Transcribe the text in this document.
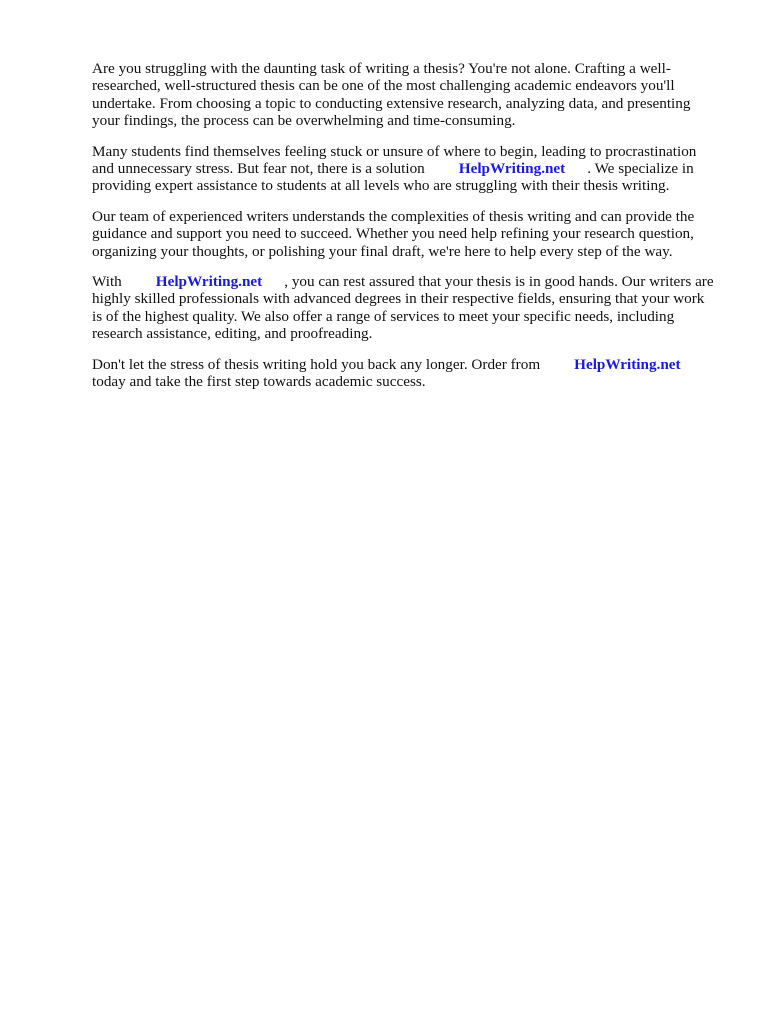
Are you struggling with the daunting task of writing a thesis? You're not alone. Crafting a well-
researched, well-structured thesis can be one of the most challenging academic endeavors you'll
undertake. From choosing a topic to conducting extensive research, analyzing data, and presenting
your findings, the process can be overwhelming and time-consuming.

Many students find themselves feeling stuck or unsure of where to begin, leading to procrastination
and unnecessary stress. But fear not, there is a solution HelpWriting.net . We specialize in
providing expert assistance to students at all levels who are struggling with their thesis writing.

Our team of experienced writers understands the complexities of thesis writing and can provide the
guidance and support you need to succeed. Whether you need help refining your research question,
organizing your thoughts, or polishing your final draft, we're here to help every step of the way.

With HelpWriting.net , you can rest assured that your thesis is in good hands. Our writers are
highly skilled professionals with advanced degrees in their respective fields, ensuring that your work
is of the highest quality. We also offer a range of services to meet your specific needs, including
research assistance, editing, and proofreading.

Don't let the stress of thesis writing hold you back any longer. Order from HelpWriting.net
today and take the first step towards academic success.
